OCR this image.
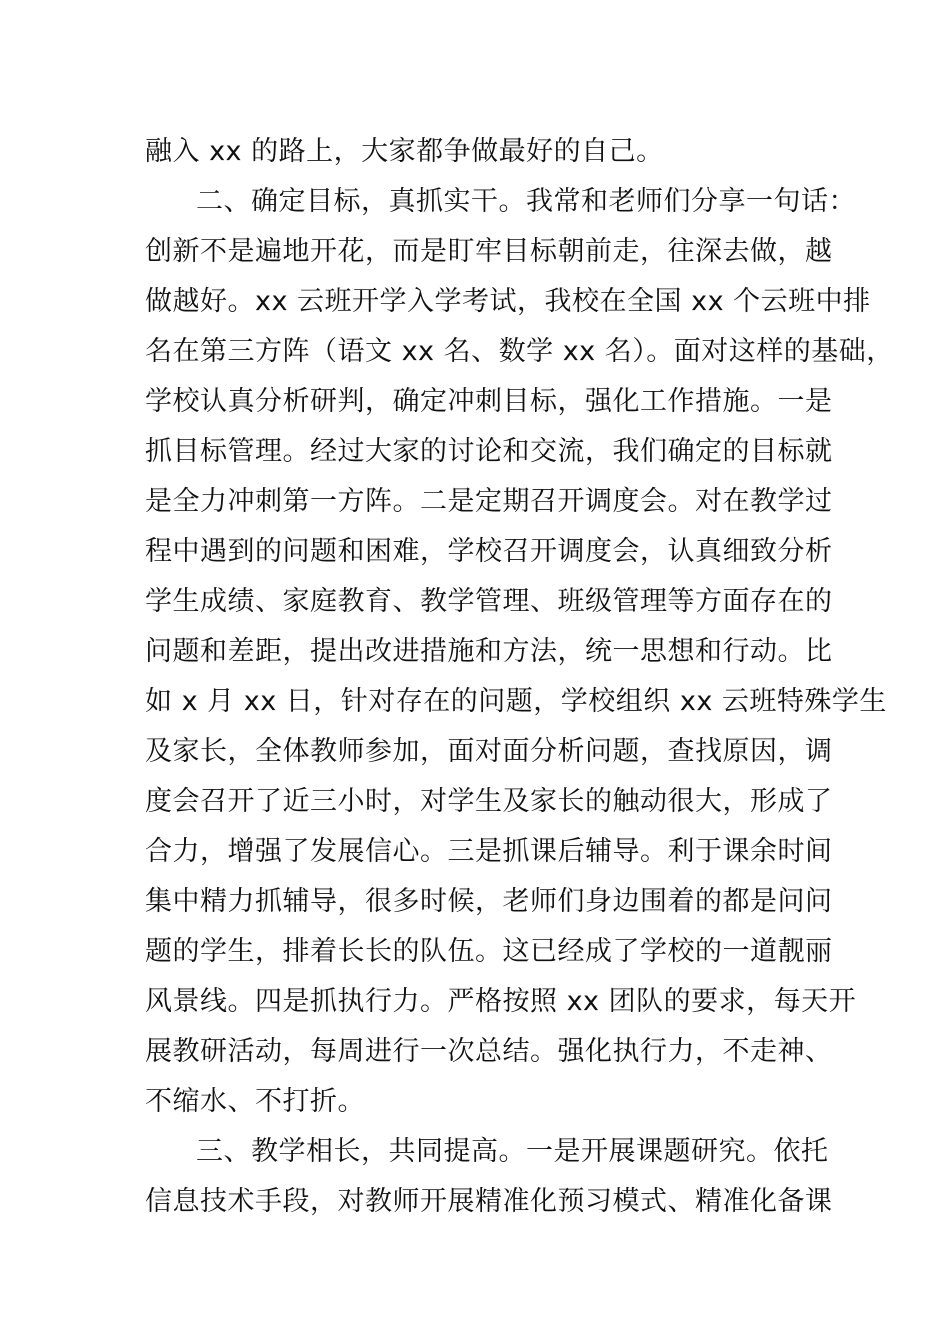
融入 xx 的路上，大家都争做最好的自己。
二、确定目标，真抓实干。我常和老师们分享一句话：
创新不是遍地开花，而是盯牢目标朝前走，往深去做，越
做越好。xx 云班开学入学考试，我校在全国 xx 个云班中排
名在第三方阵（语文 xx 名、数学 xx 名）。面对这样的基础，
学校认真分析研判，确定冲刺目标，强化工作措施。一是
抓目标管理。经过大家的讨论和交流，我们确定的目标就
是全力冲刺第一方阵。二是定期召开调度会。对在教学过
程中遇到的问题和困难，学校召开调度会，认真细致分析
学生成绩、家庭教育、教学管理、班级管理等方面存在的
问题和差距，提出改进措施和方法，统一思想和行动。比
如 x 月 xx 日，针对存在的问题，学校组织 xx 云班特殊学生
及家长，全体教师参加，面对面分析问题，查找原因，调
度会召开了近三小时，对学生及家长的触动很大，形成了
合力，增强了发展信心。三是抓课后辅导。利于课余时间
集中精力抓辅导，很多时候，老师们身边围着的都是问问
题的学生，排着长长的队伍。这已经成了学校的一道靓丽
风景线。四是抓执行力。严格按照 xx 团队的要求，每天开
展教研活动，每周进行一次总结。强化执行力，不走神、
不缩水、不打折。
三、教学相长，共同提高。一是开展课题研究。依托
信息技术手段，对教师开展精准化预习模式、精准化备课
